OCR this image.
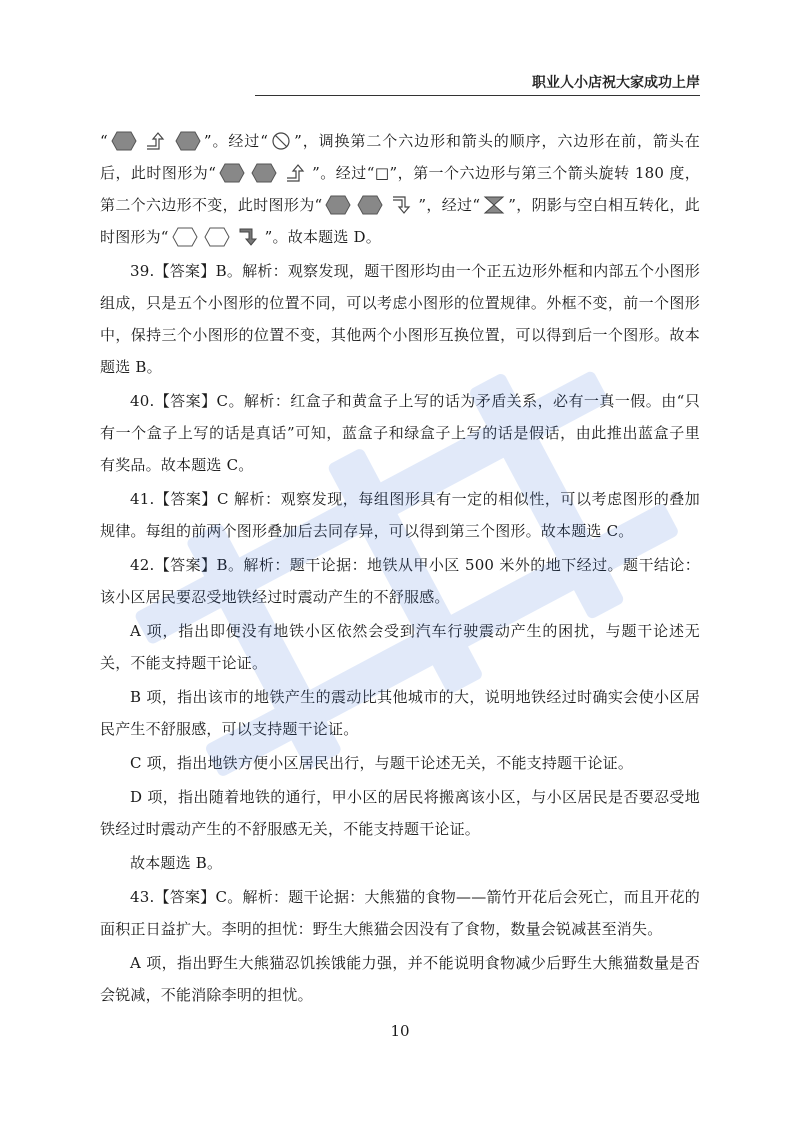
职业人小店祝大家成功上岸

“	”。经过“ ”，调换第二个六边形和箭头的顺序，六边形在前，箭头在后，此时图形为“	”。经过“□”，第一个六边形与第三个箭头旋转 180 度，第二个六边形不变，此时图形为“	”，经过“ ”，阴影与空白相互转化，此时图形为“	”。故本题选 D。

39.【答案】B。解析：观察发现，题干图形均由一个正五边形外框和内部五个小图形组成，只是五个小图形的位置不同，可以考虑小图形的位置规律。外框不变，前一个图形中，保持三个小图形的位置不变，其他两个小图形互换位置，可以得到后一个图形。故本题选 B。

40.【答案】C。解析：红盒子和黄盒子上写的话为矛盾关系，必有一真一假。由“只有一个盒子上写的话是真话”可知，蓝盒子和绿盒子上写的话是假话，由此推出蓝盒子里有奖品。故本题选 C。

41.【答案】C 解析：观察发现，每组图形具有一定的相似性，可以考虑图形的叠加规律。每组的前两个图形叠加后去同存异，可以得到第三个图形。故本题选 C。

42.【答案】B。解析：题干论据：地铁从甲小区 500 米外的地下经过。题干结论：该小区居民要忍受地铁经过时震动产生的不舒服感。

A 项，指出即便没有地铁小区依然会受到汽车行驶震动产生的困扰，与题干论述无关，不能支持题干论证。

B 项，指出该市的地铁产生的震动比其他城市的大，说明地铁经过时确实会使小区居民产生不舒服感，可以支持题干论证。

C 项，指出地铁方便小区居民出行，与题干论述无关，不能支持题干论证。

D 项，指出随着地铁的通行，甲小区的居民将搬离该小区，与小区居民是否要忍受地铁经过时震动产生的不舒服感无关，不能支持题干论证。

故本题选 B。

43.【答案】C。解析：题干论据：大熊猫的食物——箭竹开花后会死亡，而且开花的面积正日益扩大。李明的担忧：野生大熊猫会因没有了食物，数量会锐减甚至消失。

A 项，指出野生大熊猫忍饥挨饿能力强，并不能说明食物减少后野生大熊猫数量是否会锐减，不能消除李明的担忧。

10
